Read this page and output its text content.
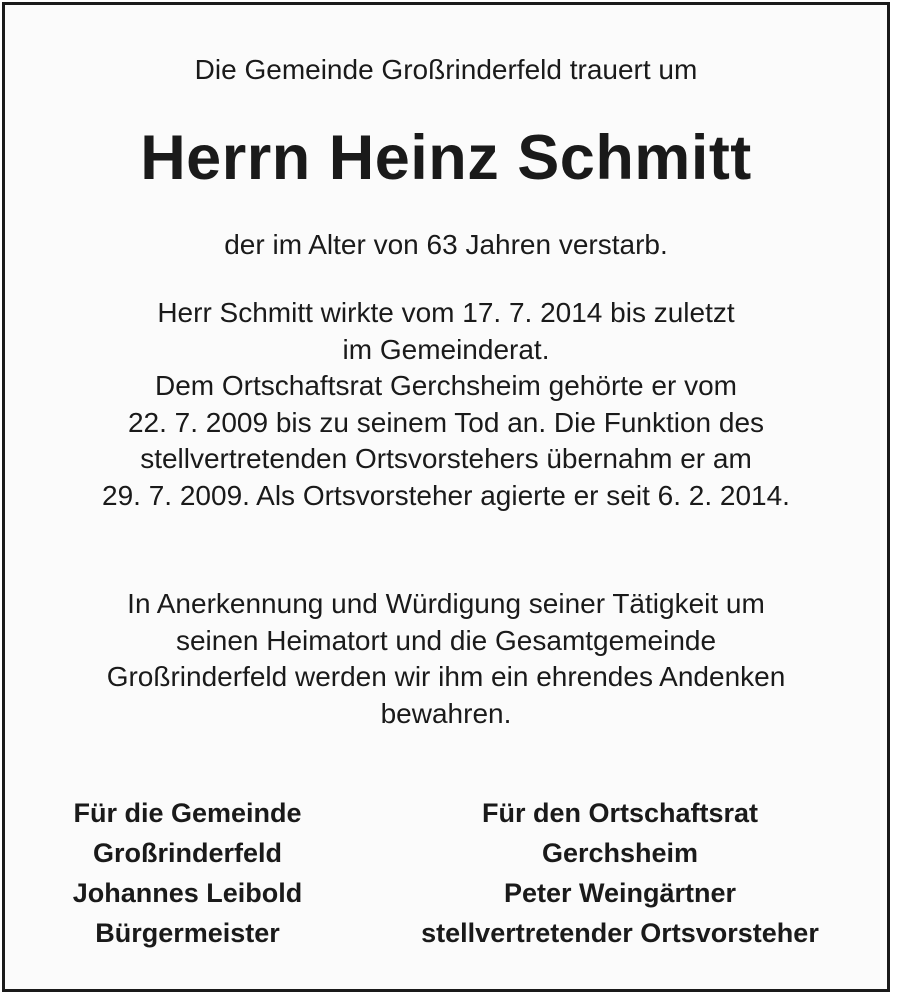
Die Gemeinde Großrinderfeld trauert um
Herrn Heinz Schmitt
der im Alter von 63 Jahren verstarb.
Herr Schmitt wirkte vom 17. 7. 2014 bis zuletzt
im Gemeinderat.
Dem Ortschaftsrat Gerchsheim gehörte er vom
22. 7. 2009 bis zu seinem Tod an. Die Funktion des
stellvertretenden Ortsvorstehers übernahm er am
29. 7. 2009. Als Ortsvorsteher agierte er seit 6. 2. 2014.
In Anerkennung und Würdigung seiner Tätigkeit um
seinen Heimatort und die Gesamtgemeinde
Großrinderfeld werden wir ihm ein ehrendes Andenken
bewahren.
Für die Gemeinde
Großrinderfeld
Johannes Leibold
Bürgermeister
Für den Ortschaftsrat
Gerchsheim
Peter Weingärtner
stellvertretender Ortsvorsteher
